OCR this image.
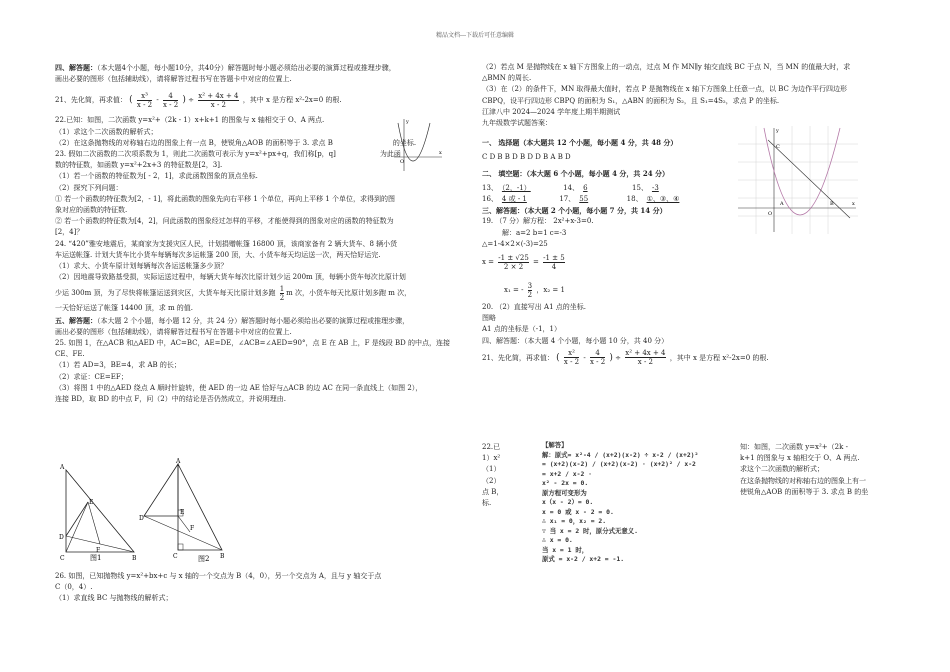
精品文档---下载后可任意编辑

四、解答题：（本大题4个小题，每小题10分，共40分）解答题时每小题必须给出必要的演算过程或推理步骤，

画出必要的图形（包括辅助线），请将解答过程书写在答题卡中对应的位置上.

21、先化简，再求值： ( $\frac{\text{x³}}{x - 2} - \frac{4}{x - 2}$ ) ÷ $\frac{\text{x² + 4x + 4}}{x - 2}$ ，其中 x 是方程 x²-2x=0 的根.

22.已知：如图，二次函数 y=x²+（2k - 1）x+k+1 的图象与 x 轴相交于 O、A 两点.

（1）求这个二次函数的解析式；

（2）在这条抛物线的对称轴右边的图象上有一点 B，使锐角△AOB 的面积等于 3. 求点 B	的坐标.

23. 假如二次函数的二次项系数为 1，则此二次函数可表示为 y=x²+px+q，我们称[p，q]	为此函

数的特征数，如函数 y=x²+2x+3 的特征数是[2，3].

（1）若一个函数的特征数为[ - 2，1]，求此函数图象的顶点坐标.

（2）探究下列问题：

① 若一个函数的特征数为[2，- 1]，将此函数的图象先向右平移 1 个单位，再向上平移 1 个单位，求得到的图

象对应的函数的特征数.

② 若一个函数的特征数为[4，2]，问此函数的图象经过怎样的平移，才能使得到的图象对应的函数的特征数为

[2，4]？

24. “420”雅安地震后，某商家为支援灾区人民，计划捐赠帐篷 16800 顶，该商家备有 2 辆大货车、8 辆小货

车运送帐篷. 计划大货车比小货车每辆每次多运帐篷 200 顶，大、小货车每天均运送一次，两天恰好运完.

（1）求大、小货车原计划每辆每次各运送帐篷多少顶？

（2）因地震导致路基受损，实际运送过程中，每辆大货车每次比原计划少运 200m 顶，每辆小货车每次比原计划

少运 300m 顶，为了尽快将帐篷运送到灾区，大货车每天比原计划多跑 $\frac{1}{2}$ m 次，小货车每天比原计划多跑 m 次，

一天恰好运送了帐篷 14400 顶，求 m 的值.

五、解答题：（本大题 2 个小题，每小题 12 分，共 24 分）解答题时每小题必须给出必要的演算过程或推理步骤，

画出必要的图形（包括辅助线），请将解答过程书写在答题卡中对应的位置上.

25. 如图 1，在△ACB 和△AED 中，AC=BC，AE=DE，∠ACB=∠AED=90°，点 E 在 AB 上，F 是线段 BD 的中点，连接

CE、FE.

（1）若 AD=3，BE=4，求 AB 的长；

（2）求证：CE=EF；

（3）将图 1 中的△AED 绕点 A 顺时针旋转，使 AED 的一边 AE 恰好与△ACB 的边 AC 在同一条直线上（如图 2），

连接 BD，取 BD 的中点 F，问（2）中的结论是否仍然成立，并说明理由.

x
y
O
A
D
C	B
E
F
图1
A
D
E
F
C	B
图2

26. 如图，已知抛物线 y=x²+bx+c 与 x 轴的一个交点为 B（4，0），另一个交点为 A，且与 y 轴交于点

C（0，4）.

（1）求直线 BC 与抛物线的解析式；

（2）若点 M 是抛物线在 x 轴下方图象上的一动点，过点 M 作 MN∥y 轴交直线 BC 于点 N，当 MN 的值最大时，求

△BMN 的周长.

（3）在（2）的条件下，MN 取得最大值时，若点 P 是抛物线在 x 轴下方图象上任意一点，以 BC 为边作平行四边形

CBPQ，设平行四边形 CBPQ 的面积为 S₁，△ABN 的面积为 S₂，且 S₁=4S₂，求点 P 的坐标.

江津八中 2024—2024 学年度上期半期测试

九年级数学试题答案：

一、 选择题（本大题共 12 个小题，每小题 4 分，共 48 分）

C D B B D B D D B A B D

二、 填空题：（本大题 6 个小题，每小题 4 分，共 24 分）

13、 （2，-1）	14、 6	15、 -3

16、 4 或 - 1	17、 55	18、 ①、③、④

三、解答题：（本大题 2 个小题，每小题 7 分，共 14 分）

19. （7 分）解方程： 2x²+x-3=0.

解：a=2 b=1 c=-3

△=1-4×2×(-3)=25

$x = \frac{-1 \pm √25}{2 \times 2} = \frac{-1 \pm 5}{4}$

x₁ = - $\frac{3}{2}$ ，x₂ = 1

20. （2）直接写出 A1 点的坐标.

图略

A1 点的坐标是（-1，1）

四、解答题：（本大题 4 个小题，每小题 10 分，共 40 分）

21、先化简，再求值： ( $\frac{\text{x²}}{x - 2} - \frac{4}{x - 2}$ ) ÷ $\frac{\text{x² + 4x + 4}}{x - 2}$ ，其中 x 是方程 x²-2x=0 的根.

x
y
O
C
A	B

22.已

1）x²

（1）

（2）

点 B，

标.

知：如图，二次函数 y=x²+（2k -

k+1 的图象与 x 轴相交于 O、A 两点.

求这个二次函数的解析式；

在这条抛物线的对称轴右边的图象上有一

使锐角△AOB 的面积等于 3. 求点 B 的坐

【解答】

解：原式= x²-4 / (x+2)(x-2) ÷ x-2 / (x+2)²

= (x+2)(x-2) / (x+2)(x-2) · (x+2)² / x-2

= x+2 / x-2 ·

x² - 2x = 0.

原方程可变形为

x（x - 2）= 0.

x = 0 或 x - 2 = 0.

∴ x₁ = 0，x₂ = 2.

∵ 当 x = 2 时，原分式无意义.

∴ x = 0.

当 x = 1 时，

原式 = x-2 / x+2 = -1.
